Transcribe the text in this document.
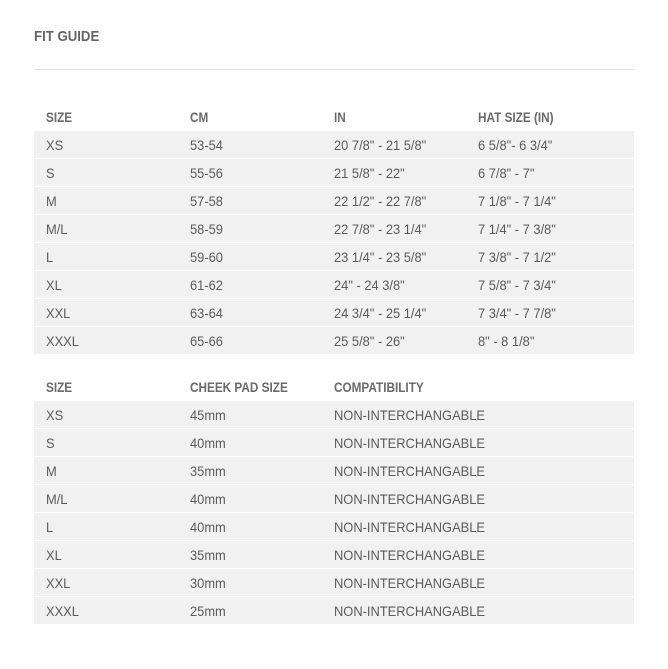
FIT GUIDE
SIZE	CM	IN	HAT SIZE (IN)
XS	53-54	20 7/8" - 21 5/8"	6 5/8"- 6 3/4"
S	55-56	21 5/8" - 22"	6 7/8" - 7"
M	57-58	22 1/2" - 22 7/8"	7 1/8" - 7 1/4"
M/L	58-59	22 7/8" - 23 1/4"	7 1/4" - 7 3/8"
L	59-60	23 1/4" - 23 5/8"	7 3/8" - 7 1/2"
XL	61-62	24" - 24 3/8"	7 5/8" - 7 3/4"
XXL	63-64	24 3/4" - 25 1/4"	7 3/4" - 7 7/8"
XXXL	65-66	25 5/8" - 26"	8" - 8 1/8"
SIZE	CHEEK PAD SIZE	COMPATIBILITY
XS	45mm	NON-INTERCHANGABLE
S	40mm	NON-INTERCHANGABLE
M	35mm	NON-INTERCHANGABLE
M/L	40mm	NON-INTERCHANGABLE
L	40mm	NON-INTERCHANGABLE
XL	35mm	NON-INTERCHANGABLE
XXL	30mm	NON-INTERCHANGABLE
XXXL	25mm	NON-INTERCHANGABLE
